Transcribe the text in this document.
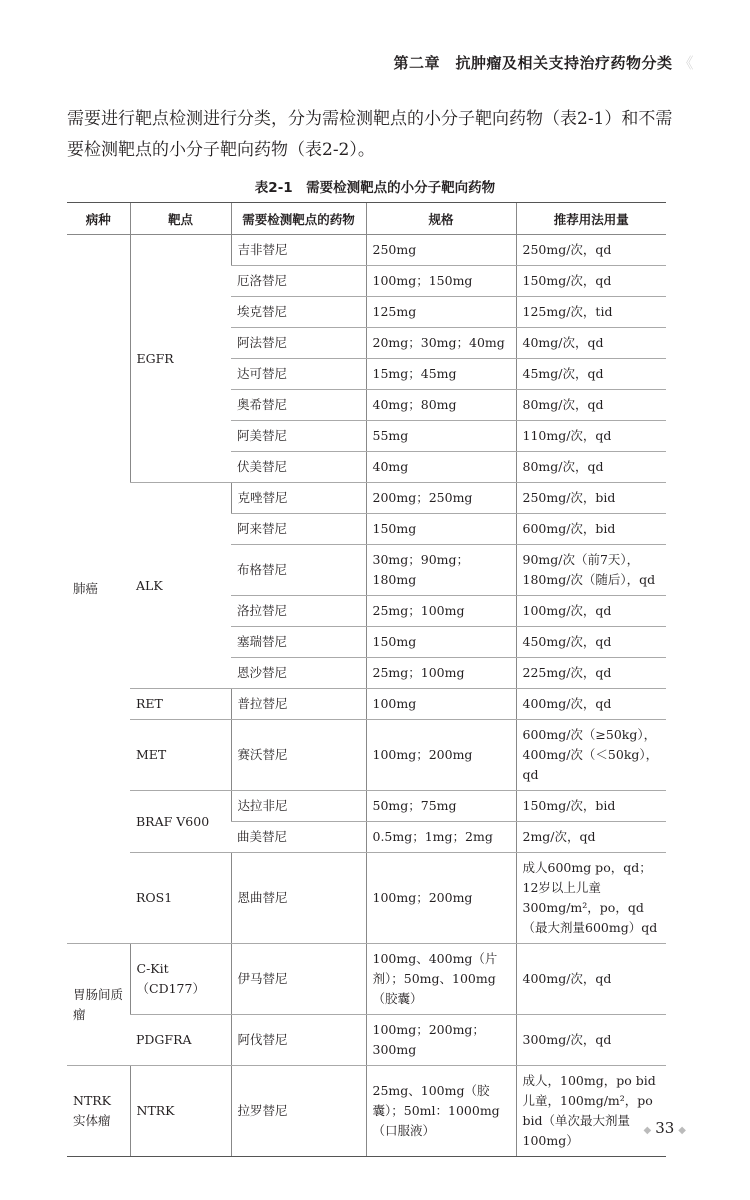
第二章　抗肿瘤及相关支持治疗药物分类 《
需要进行靶点检测进行分类，分为需检测靶点的小分子靶向药物（表2-1）和不需要检测靶点的小分子靶向药物（表2-2）。
表2-1　需要检测靶点的小分子靶向药物
病种	靶点	需要检测靶点的药物	规格	推荐用法用量
肺癌	EGFR	吉非替尼	250mg	250mg/次，qd
		厄洛替尼	100mg；150mg	150mg/次，qd
		埃克替尼	125mg	125mg/次，tid
		阿法替尼	20mg；30mg；40mg	40mg/次，qd
		达可替尼	15mg；45mg	45mg/次，qd
		奥希替尼	40mg；80mg	80mg/次，qd
		阿美替尼	55mg	110mg/次，qd
		伏美替尼	40mg	80mg/次，qd
	ALK	克唑替尼	200mg；250mg	250mg/次，bid
		阿来替尼	150mg	600mg/次，bid
		布格替尼	30mg；90mg；180mg	90mg/次（前7天），180mg/次（随后），qd
		洛拉替尼	25mg；100mg	100mg/次，qd
		塞瑞替尼	150mg	450mg/次，qd
		恩沙替尼	25mg；100mg	225mg/次，qd
	RET	普拉替尼	100mg	400mg/次，qd
	MET	赛沃替尼	100mg；200mg	600mg/次（≥50kg），400mg/次（＜50kg），qd
	BRAF V600	达拉非尼	50mg；75mg	150mg/次，bid
		曲美替尼	0.5mg；1mg；2mg	2mg/次，qd
	ROS1	恩曲替尼	100mg；200mg	成人600mg po，qd；12岁以上儿童300mg/m²，po，qd（最大剂量600mg）qd
胃肠间质瘤	C-Kit（CD177）	伊马替尼	100mg、400mg（片剂）；50mg、100mg（胶囊）	400mg/次，qd
	PDGFRA	阿伐替尼	100mg；200mg；300mg	300mg/次，qd
NTRK实体瘤	NTRK	拉罗替尼	25mg、100mg（胶囊）；50ml：1000mg（口服液）	成人，100mg，po bid 儿童，100mg/m²，po bid（单次最大剂量100mg）
◆ 33 ◆
